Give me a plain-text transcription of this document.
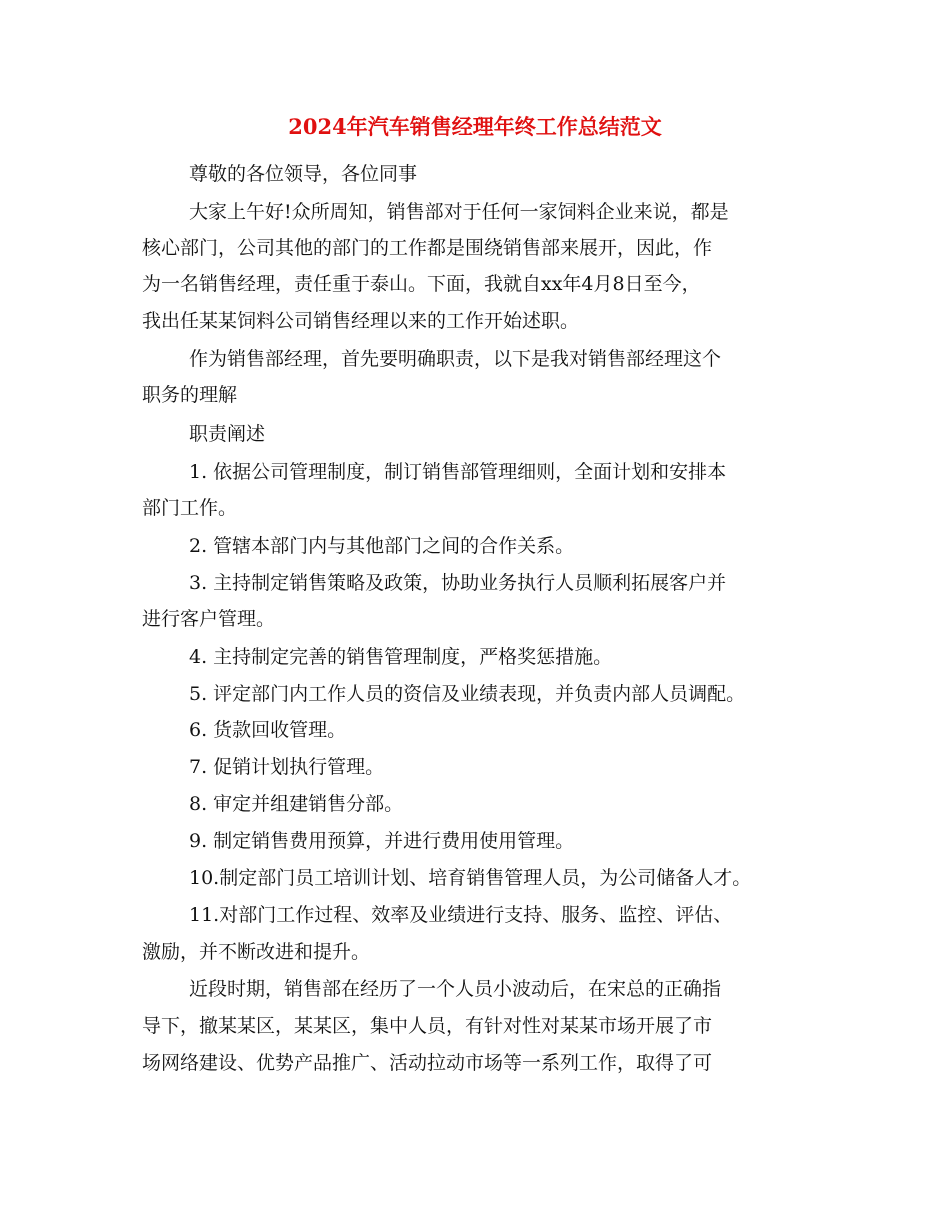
2024年汽车销售经理年终工作总结范文
尊敬的各位领导，各位同事
大家上午好!众所周知，销售部对于任何一家饲料企业来说，都是
核心部门，公司其他的部门的工作都是围绕销售部来展开，因此，作
为一名销售经理，责任重于泰山。下面，我就自xx年4月8日至今，
我出任某某饲料公司销售经理以来的工作开始述职。
作为销售部经理，首先要明确职责，以下是我对销售部经理这个
职务的理解
职责阐述
1. 依据公司管理制度，制订销售部管理细则，全面计划和安排本
部门工作。
2. 管辖本部门内与其他部门之间的合作关系。
3. 主持制定销售策略及政策，协助业务执行人员顺利拓展客户并
进行客户管理。
4. 主持制定完善的销售管理制度，严格奖惩措施。
5. 评定部门内工作人员的资信及业绩表现，并负责内部人员调配。
6. 货款回收管理。
7. 促销计划执行管理。
8. 审定并组建销售分部。
9. 制定销售费用预算，并进行费用使用管理。
10.制定部门员工培训计划、培育销售管理人员，为公司储备人才。
11.对部门工作过程、效率及业绩进行支持、服务、监控、评估、
激励，并不断改进和提升。
近段时期，销售部在经历了一个人员小波动后，在宋总的正确指
导下，撤某某区，某某区，集中人员，有针对性对某某市场开展了市
场网络建设、优势产品推广、活动拉动市场等一系列工作，取得了可
